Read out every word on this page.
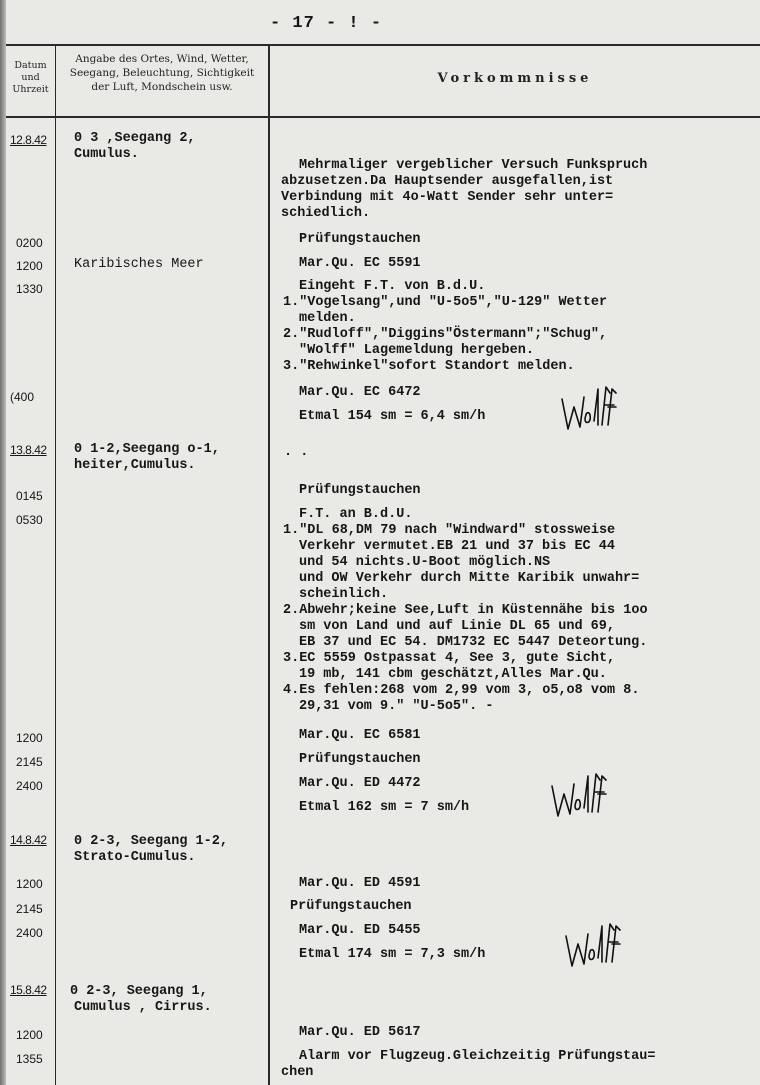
- 17 - ! -
Datum
und
Uhrzeit
Angabe des Ortes, Wind, Wetter,
Seegang, Beleuchtung, Sichtigkeit
der Luft, Mondschein usw.
Vorkommnisse
12.8.42
13.8.42
14.8.42
15.8.42
0200
1200
1330
(400
0145
0530
1200
2145
2400
1200
2145
2400
1200
1355
0 3 ,Seegang 2,
Cumulus.
Karibisches Meer
0 1-2,Seegang o-1,
heiter,Cumulus.
0 2-3, Seegang 1-2,
Strato-Cumulus.
0 2-3, Seegang 1,
Cumulus , Cirrus.
Mehrmaliger vergeblicher Versuch Funkspruch
abzusetzen.Da Hauptsender ausgefallen,ist
Verbindung mit 4o-Watt Sender sehr unter=
schiedlich.
Prüfungstauchen
Mar.Qu. EC 5591
Eingeht F.T. von B.d.U.
1."Vogelsang",und "U-5o5","U-129" Wetter
melden.
2."Rudloff","Diggins"Östermann";"Schug",
"Wolff" Lagemeldung hergeben.
3."Rehwinkel"sofort Standort melden.
Mar.Qu. EC 6472
Etmal 154 sm = 6,4 sm/h
. .
Prüfungstauchen
F.T. an B.d.U.
1."DL 68,DM 79 nach "Windward" stossweise
Verkehr vermutet.EB 21 und 37 bis EC 44
und 54 nichts.U-Boot möglich.NS
und OW Verkehr durch Mitte Karibik unwahr=
scheinlich.
2.Abwehr;keine See,Luft in Küstennähe bis 1oo
sm von Land und auf Linie DL 65 und 69,
EB 37 und EC 54. DM1732 EC 5447 Deteortung.
3.EC 5559 Ostpassat 4, See 3, gute Sicht,
19 mb, 141 cbm geschätzt,Alles Mar.Qu.
4.Es fehlen:268 vom 2,99 vom 3, o5,o8 vom 8.
29,31 vom 9." "U-5o5". -
Mar.Qu. EC 6581
Prüfungstauchen
Mar.Qu. ED 4472
Etmal 162 sm = 7 sm/h
Mar.Qu. ED 4591
Prüfungstauchen
Mar.Qu. ED 5455
Etmal 174 sm = 7,3 sm/h
Mar.Qu. ED 5617
Alarm vor Flugzeug.Gleichzeitig Prüfungstau=
chen
